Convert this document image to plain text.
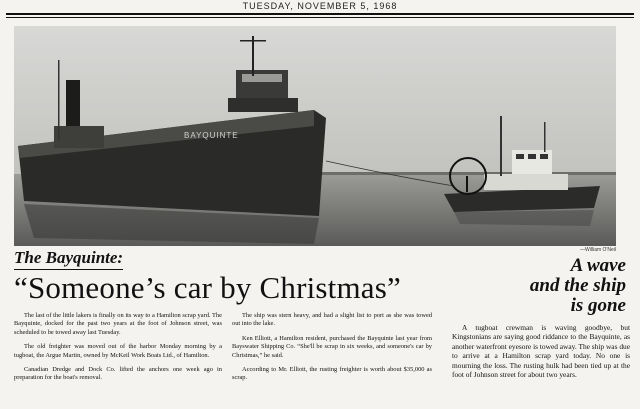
TUESDAY, NOVEMBER 5, 1968
BAYQUINTE
—William O'Neil
The Bayquinte:
“Someone’s car by Christmas”
A wave
and the ship
is gone

The last of the little lakers is finally on its way to a Hamilton scrap yard. The Bayquinte, docked for the past two years at the foot of Johnson street, was scheduled to be towed away last Tuesday.

The old freighter was moved out of the harbor Monday morning by a tugboat, the Argue Martin, owned by McKeil Work Boats Ltd., of Hamilton.

Canadian Dredge and Dock Co. lifted the anchors one week ago in preparation for the boat's removal.

The ship was stern heavy, and had a slight list to port as she was towed out into the lake.

Ken Elliott, a Hamilton resident, purchased the Bayquinte last year from Bayswater Shipping Co. “She'll be scrap in six weeks, and someone's car by Christmas,” he said.

According to Mr. Elliott, the rusting freighter is worth about $35,000 as scrap.

A tugboat crewman is waving goodbye, but Kingstonians are saying good riddance to the Bayquinte, as another waterfront eyesore is towed away. The ship was due to arrive at a Hamilton scrap yard today. No one is mourning the loss. The rusting hulk had been tied up at the foot of Johnson street for about two years.
